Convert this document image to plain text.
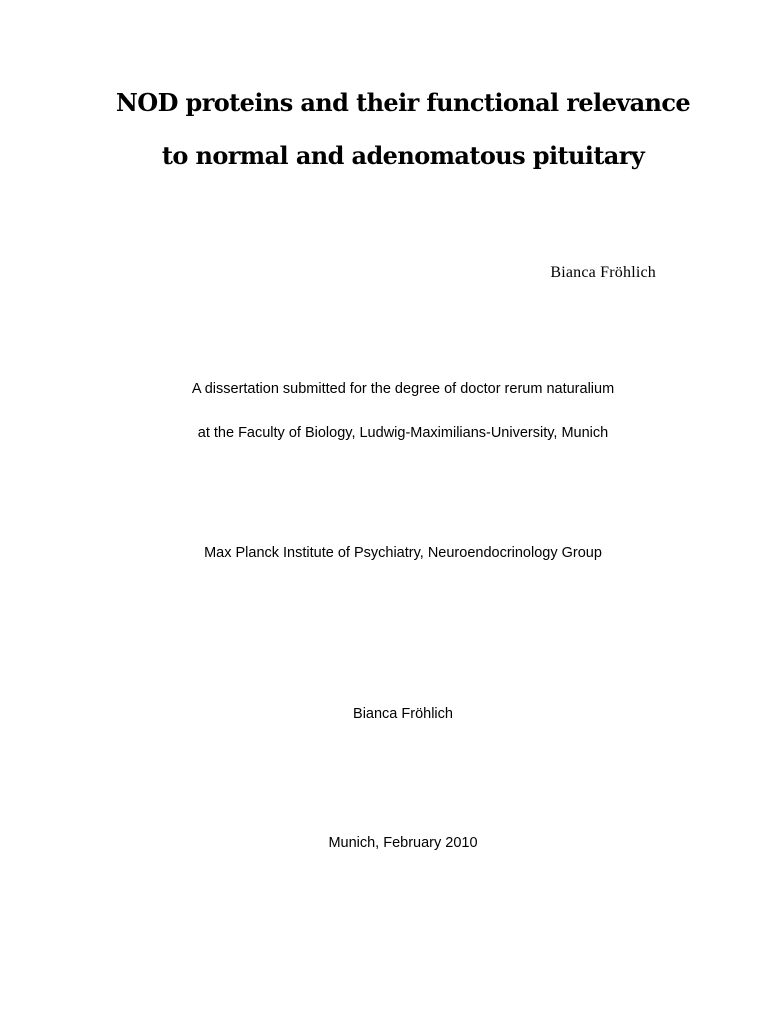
NOD proteins and their functional relevance
to normal and adenomatous pituitary
Bianca Fröhlich
A dissertation submitted for the degree of doctor rerum naturalium
at the Faculty of Biology, Ludwig-Maximilians-University, Munich
Max Planck Institute of Psychiatry, Neuroendocrinology Group
Bianca Fröhlich
Munich, February 2010
